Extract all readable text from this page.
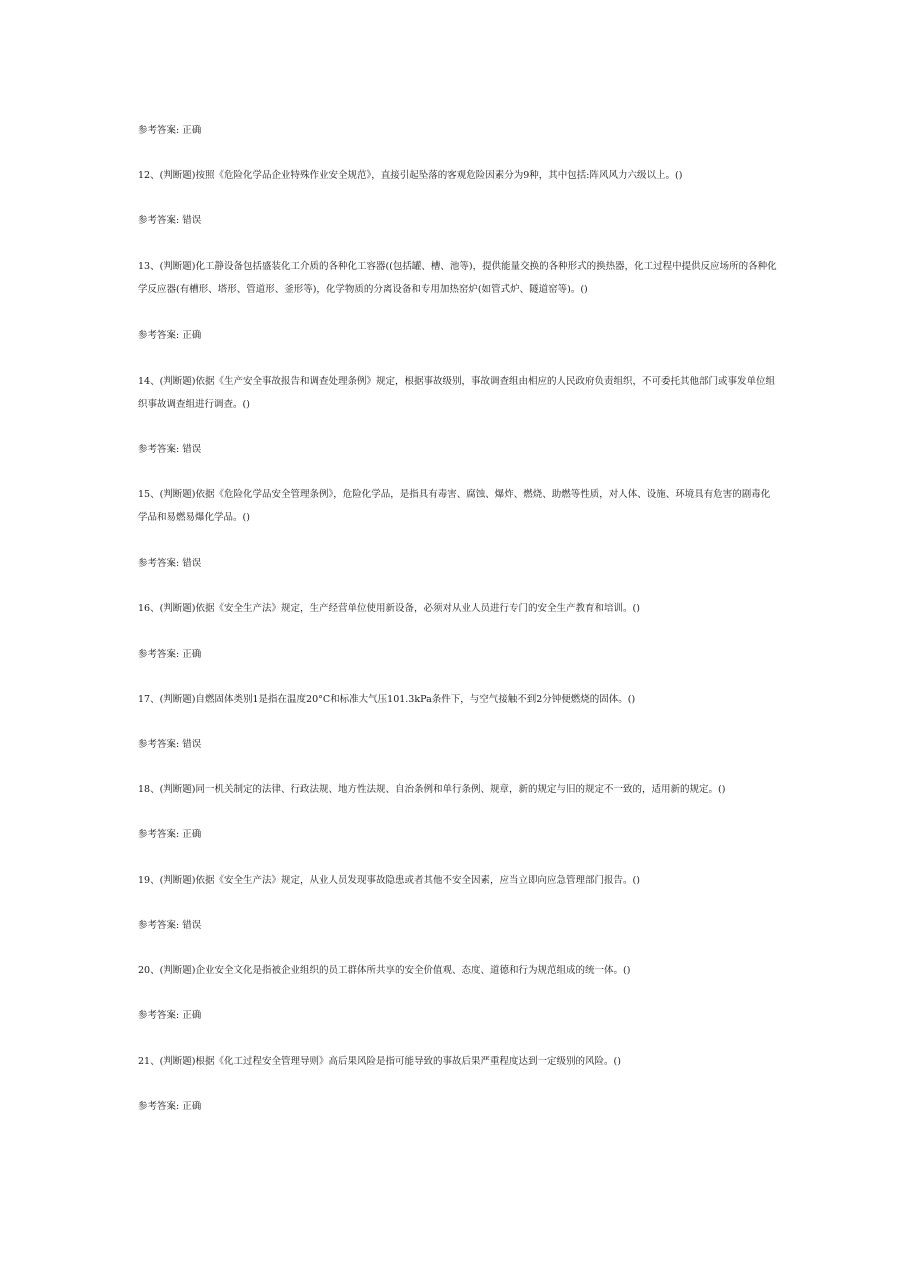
参考答案: 正确
12、(判断题)按照《危险化学品企业特殊作业安全规范》，直接引起坠落的客观危险因素分为9种，其中包括:阵风风力六级以上。()
参考答案: 错误
13、(判断题)化工静设备包括盛装化工介质的各种化工容器((包括罐、槽、池等)，提供能量交换的各种形式的换热器，化工过程中提供反应场所的各种化学反应器(有槽形、塔形、管道形、釜形等)，化学物质的分离设备和专用加热窑炉(如管式炉、隧道窑等)。()
参考答案: 正确
14、(判断题)依据《生产安全事故报告和调查处理条例》规定，根据事故级别，事故调查组由相应的人民政府负责组织，不可委托其他部门或事发单位组织事故调查组进行调查。()
参考答案: 错误
15、(判断题)依据《危险化学品安全管理条例》，危险化学品，是指具有毒害、腐蚀、爆炸、燃烧、助燃等性质，对人体、设施、环境具有危害的剧毒化学品和易燃易爆化学品。()
参考答案: 错误
16、(判断题)依据《安全生产法》规定，生产经营单位使用新设备，必须对从业人员进行专门的安全生产教育和培训。()
参考答案: 正确
17、(判断题)自燃固体类别1是指在温度20°C和标准大气压101.3kPa条件下，与空气接触不到2分钟便燃烧的固体。()
参考答案: 错误
18、(判断题)同一机关制定的法律、行政法规、地方性法规、自治条例和单行条例、规章，新的规定与旧的规定不一致的，适用新的规定。()
参考答案: 正确
19、(判断题)依据《安全生产法》规定，从业人员发现事故隐患或者其他不安全因素，应当立即向应急管理部门报告。()
参考答案: 错误
20、(判断题)企业安全文化是指被企业组织的员工群体所共享的安全价值观、态度、道德和行为规范组成的统一体。()
参考答案: 正确
21、(判断题)根据《化工过程安全管理导则》高后果风险是指可能导致的事故后果严重程度达到一定级别的风险。()
参考答案: 正确
